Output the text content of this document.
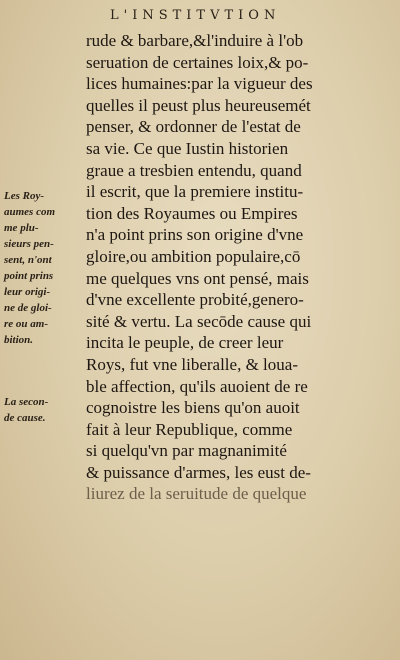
L'INSTITVTION
rude & barbare,&l'induire à l'ob
seruation de certaines loix,& po-
lices humaines:par la vigueur des
quelles il peust plus heureusemét
penser, & ordonner de l'estat de
sa vie. Ce que Iustin historien
graue a tresbien entendu, quand
il escrit, que la premiere institu-
tion des Royaumes ou Empires
n'a point prins son origine d'vne
gloire,ou ambition populaire,cō
me quelques vns ont pensé, mais
d'vne excellente probité,genero-
sité & vertu. La secōde cause qui
incita le peuple, de creer leur
Roys, fut vne liberalle, & loua-
ble affection, qu'ils auoient de re
cognoistre les biens qu'on auoit
fait à leur Republique, comme
si quelqu'vn par magnanimité
& puissance d'armes, les eust de-
liurez de la seruitude de quelque
Les Roy-
aumes com
me plu-
sieurs pen-
sent, n'ont
point prins
leur origi-
ne de gloi-
re ou am-
bition.
La secon-
de cause.
